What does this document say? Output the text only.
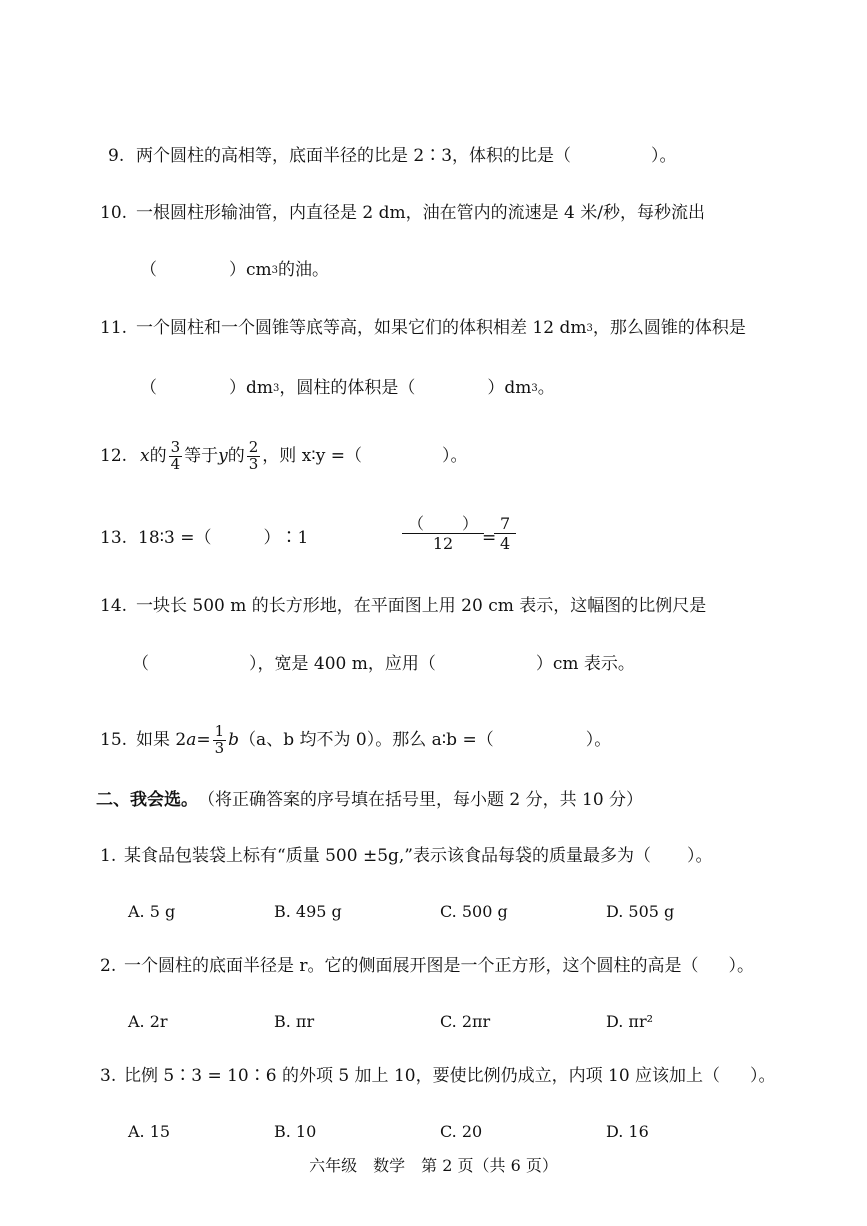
9. 两个圆柱的高相等，底面半径的比是 2∶3，体积的比是（	）。
10. 一根圆柱形输油管，内直径是 2 dm，油在管内的流速是 4 米/秒，每秒流出
（	）cm 3 的油。
11. 一个圆柱和一个圆锥等底等高，如果它们的体积相差 12 dm 3 ，那么圆锥的体积是
（	）dm 3 ，圆柱的体积是（	）dm 3 。
12. x 的 $\frac{3}{4}$ 等于 y 的 $\frac{2}{3}$ ，则 x∶y =（	）。
13. 18∶3 =（	）∶1
（ ）
12 =
$\frac{7}{4}$
14. 一块长 500 m 的长方形地，在平面图上用 20 cm 表示，这幅图的比例尺是
（	），宽是 400 m，应用（	）cm 表示。
15. 如果 2 $a = \frac{1}{3}$ b （a、b 均不为 0）。那么 a∶b =（	）。
二、我会选。 （将正确答案的序号填在括号里，每小题 2 分，共 10 分）
1. 某食品包装袋上标有“质量 500 ±5g,”表示该食品每袋的质量最多为（ ）。
A. 5 g	B. 495 g	C. 500 g	D. 505 g
2. 一个圆柱的底面半径是 r。它的侧面展开图是一个正方形，这个圆柱的高是（ ）。
A. 2r	B. πr	C. 2πr	D. πr²
3. 比例 5∶3 = 10∶6 的外项 5 加上 10，要使比例仍成立，内项 10 应该加上（ ）。
A. 15	B. 10	C. 20	D. 16
六年级　数学　第 2 页（共 6 页）
